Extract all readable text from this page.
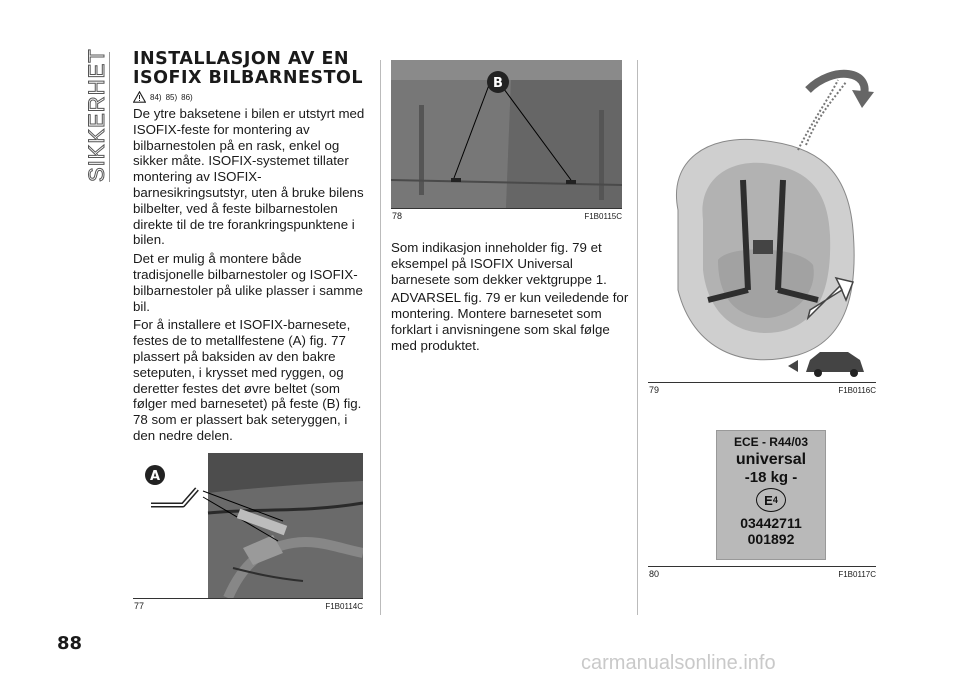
SIKKERHET INSTALLASJON AV EN
ISOFIX BILBARNESTOL
84) 85) 86)

De ytre baksetene i bilen er utstyrt med ISOFIX-feste for montering av bilbarnestolen på en rask, enkel og sikker måte. ISOFIX-systemet tillater montering av ISOFIX-barnesikringsutstyr, uten å bruke bilens bilbelter, ved å feste bilbarnestolen direkte til de tre forankringspunktene i bilen.

Det er mulig å montere både tradisjonelle bilbarnestoler og ISOFIX-bilbarnestoler på ulike plasser i samme bil.

For å installere et ISOFIX-barnesete, festes de to metallfestene (A) fig. 77 plassert på baksiden av den bakre seteputen, i krysset med ryggen, og deretter festes det øvre beltet (som følger med barnesetet) på feste (B) fig. 78 som er plassert bak seteryggen, i den nedre delen.

A
77	F1B0114C
B
78	F1B0115C

Som indikasjon inneholder fig. 79 et eksempel på ISOFIX Universal barnesete som dekker vektgruppe 1.

ADVARSEL fig. 79 er kun veiledende for montering. Montere barnesetet som forklart i anvisningene som skal følge med produktet.

79	F1B0116C
ECE - R44/03
universal
-18 kg -
E 4
03442711
001892
80	F1B0117C
88
carmanualsonline.info
